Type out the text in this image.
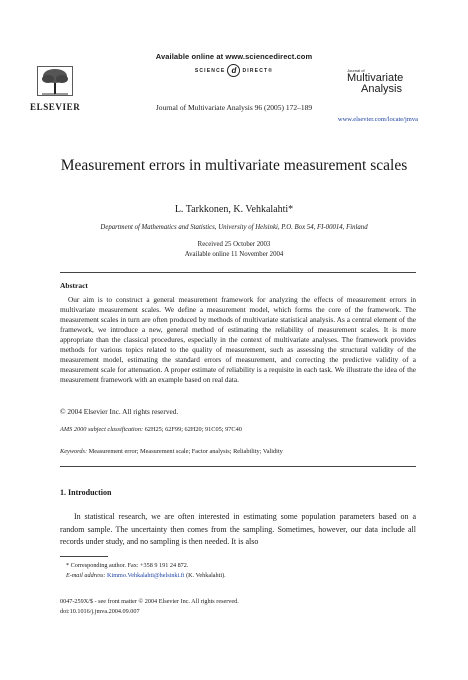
Available online at www.sciencedirect.com
SCIENCE d	DIRECT®
ELSEVIER	Journal of Multivariate Analysis 96 (2005) 172–189
Journal of
Multivariate
Analysis
www.elsevier.com/locate/jmva
Measurement errors in multivariate measurement scales
L. Tarkkonen, K. Vehkalahti*
Department of Mathematics and Statistics, University of Helsinki, P.O. Box 54, FI-00014, Finland
Received 25 October 2003
Available online 11 November 2004
Abstract
Our aim is to construct a general measurement framework for analyzing the effects of measurement errors in multivariate measurement scales. We define a measurement model, which forms the core of the framework. The measurement scales in turn are often produced by methods of multivariate statistical analysis. As a central element of the framework, we introduce a new, general method of estimating the reliability of measurement scales. It is more appropriate than the classical procedures, especially in the context of multivariate analyses. The framework provides methods for various topics related to the quality of measurement, such as assessing the structural validity of the measurement model, estimating the standard errors of measurement, and correcting the predictive validity of a measurement scale for attenuation. A proper estimate of reliability is a requisite in each task. We illustrate the idea of the measurement framework with an example based on real data.
© 2004 Elsevier Inc. All rights reserved.
AMS 2000 subject classification: 62H25; 62F99; 62H20; 91C05; 97C40
Keywords: Measurement error; Measurement scale; Factor analysis; Reliability; Validity
1. Introduction
In statistical research, we are often interested in estimating some population parameters based on a random sample. The uncertainty then comes from the sampling. Sometimes, however, our data include all records under study, and no sampling is then needed. It is also
* Corresponding author. Fax: +358 9 191 24 872.
E-mail address: Kimmo.Vehkalahti@helsinki.fi (K. Vehkalahti).
0047-259X/$ - see front matter © 2004 Elsevier Inc. All rights reserved.
doi:10.1016/j.jmva.2004.09.007
